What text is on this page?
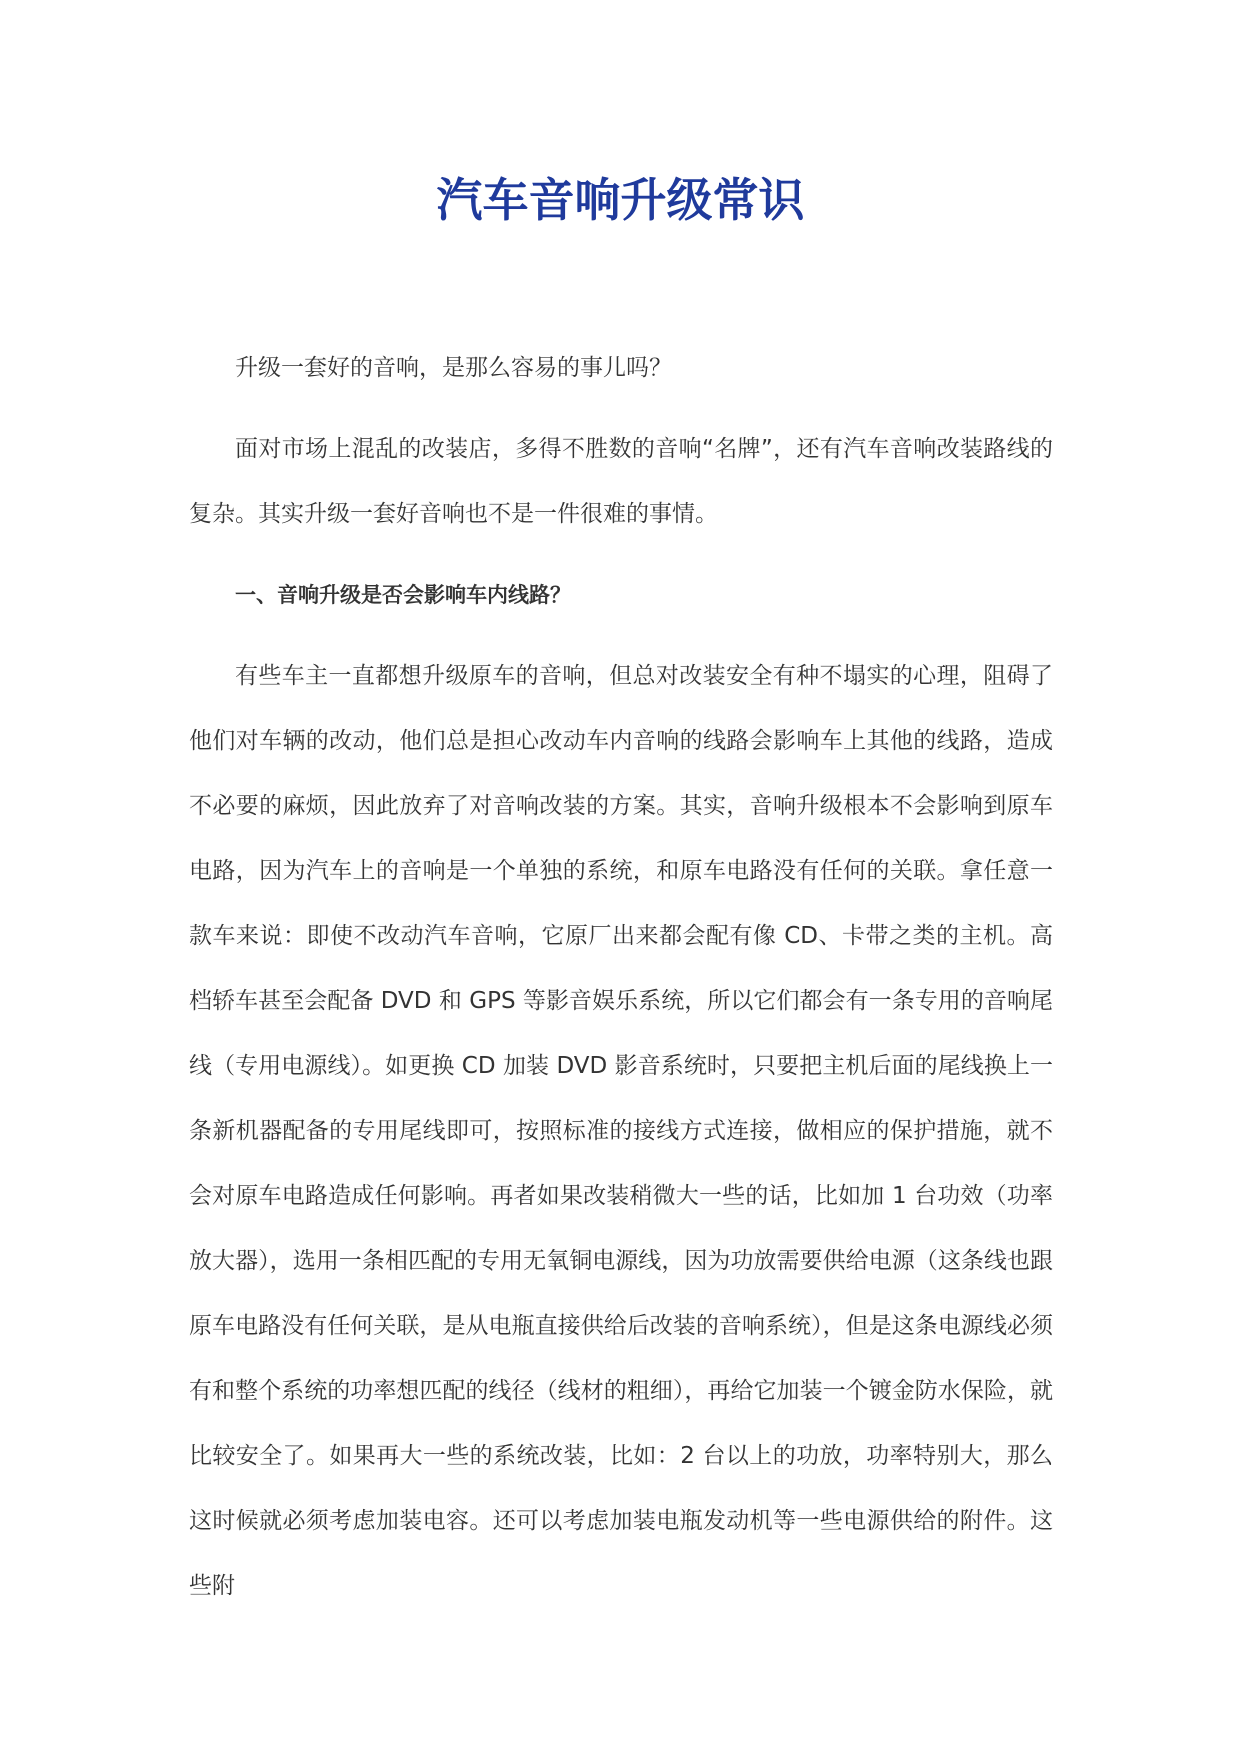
汽车音响升级常识

升级一套好的音响，是那么容易的事儿吗？

面对市场上混乱的改装店，多得不胜数的音响“名牌”，还有汽车音响改装路线的复杂。其实升级一套好音响也不是一件很难的事情。

一、音响升级是否会影响车内线路？

有些车主一直都想升级原车的音响，但总对改装安全有种不塌实的心理，阻碍了他们对车辆的改动，他们总是担心改动车内音响的线路会影响车上其他的线路，造成不必要的麻烦，因此放弃了对音响改装的方案。其实，音响升级根本不会影响到原车电路，因为汽车上的音响是一个单独的系统，和原车电路没有任何的关联。拿任意一款车来说：即使不改动汽车音响，它原厂出来都会配有像 CD、卡带之类的主机。高档轿车甚至会配备 DVD 和 GPS 等影音娱乐系统，所以它们都会有一条专用的音响尾线（专用电源线）。如更换 CD 加装 DVD 影音系统时，只要把主机后面的尾线换上一条新机器配备的专用尾线即可，按照标准的接线方式连接，做相应的保护措施，就不会对原车电路造成任何影响。再者如果改装稍微大一些的话，比如加 1 台功效（功率放大器），选用一条相匹配的专用无氧铜电源线，因为功放需要供给电源（这条线也跟原车电路没有任何关联，是从电瓶直接供给后改装的音响系统），但是这条电源线必须有和整个系统的功率想匹配的线径（线材的粗细），再给它加装一个镀金防水保险，就比较安全了。如果再大一些的系统改装，比如：2 台以上的功放，功率特别大，那么这时候就必须考虑加装电容。还可以考虑加装电瓶发动机等一些电源供给的附件。这些附
